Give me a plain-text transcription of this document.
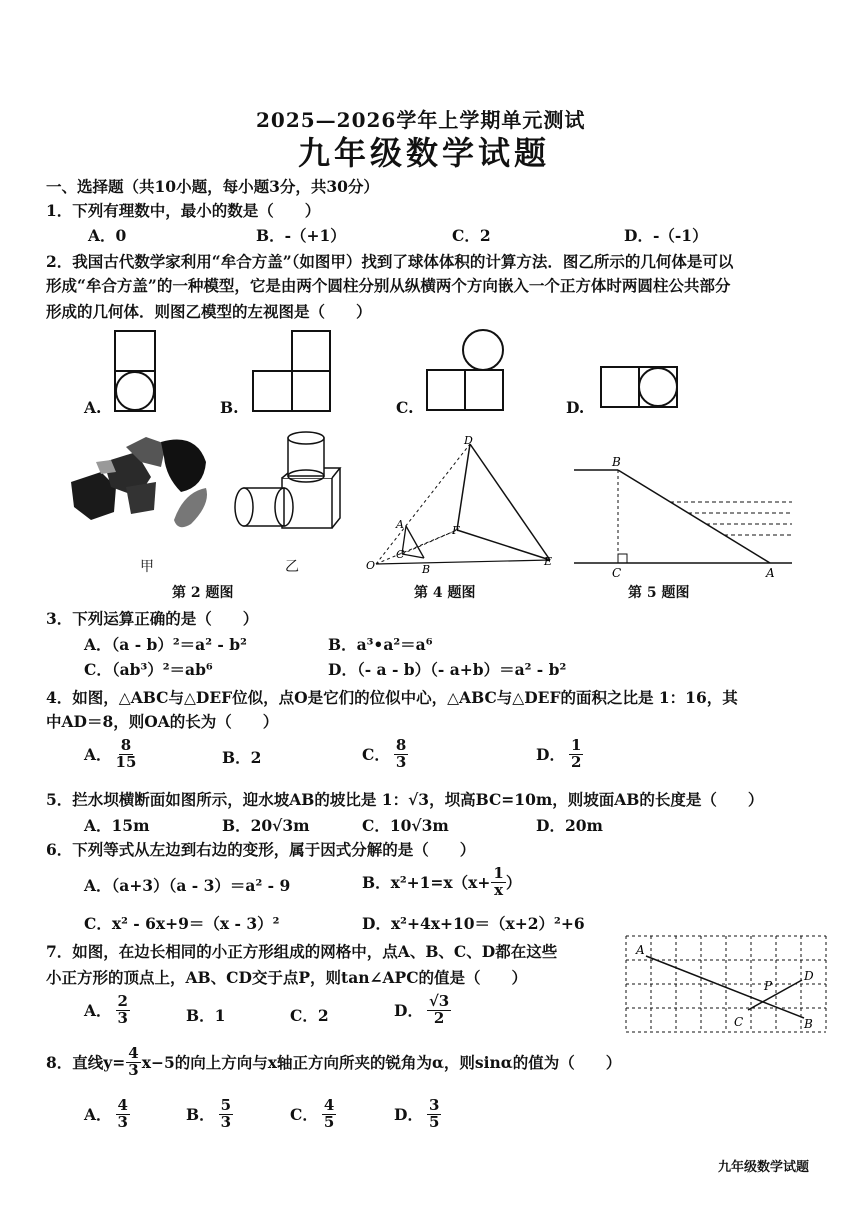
2025—2026学年上学期单元测试
九年级数学试题
一、选择题（共10小题，每小题3分，共30分）
1．下列有理数中，最小的数是（　　）
A．0	B．-（+1）	C．2	D．-（-1）
2．我国古代数学家利用“牟合方盖”（如图甲）找到了球体体积的计算方法．图乙所示的几何体是可以
形成“牟合方盖”的一种模型，它是由两个圆柱分别从纵横两个方向嵌入一个正方体时两圆柱公共部分
形成的几何体．则图乙模型的左视图是（　　）
A.	B.	C.	D.
甲	乙
第 2 题图
D
A	F
C
O	B
E
第 4 题图
B
C	A
第 5 题图
3．下列运算正确的是（　　）
A．（a - b）²＝a² - b²	B．a³•a²＝a⁶
C．（ab³）²＝ab⁶	D．（- a - b）（- a+b）＝a² - b²
4．如图，△ABC与△DEF位似，点O是它们的位似中心，△ABC与△DEF的面积之比是 1：16，其
中AD＝8，则OA的长为（　　）
A． $\frac{8}{15}$	B．2	C． $\frac{8}{3}$	D． $\frac{1}{2}$
5．拦水坝横断面如图所示，迎水坡AB的坡比是 1：√3，坝高BC=10m，则坡面AB的长度是（　　）
A．15m	B．20√3m	C．10√3m	D．20m
6．下列等式从左边到右边的变形，属于因式分解的是（　　）
A．（a+3）（a - 3）＝a² - 9	B．$x^2+1=x(x+ \frac{1}{x}$ ）
C．x² - 6x+9＝（x - 3）²	D．x²+4x+10＝（x+2）²+6
7．如图，在边长相同的小正方形组成的网格中，点A、B、C、D都在这些
小正方形的顶点上，AB、CD交于点P，则tan∠APC的值是（　　）
A． $\frac{2}{3}$	B．1	C．2	D． $\frac{√3}{2}$
A
D
P
C	B
8．直线$y= \frac{4}{3} x-5$的向上方向与x轴正方向所夹的锐角为α，则sinα的值为（　　）
A． $\frac{4}{3}$	B． $\frac{5}{3}$	C． $\frac{4}{5}$	D． $\frac{3}{5}$
九年级数学试题
